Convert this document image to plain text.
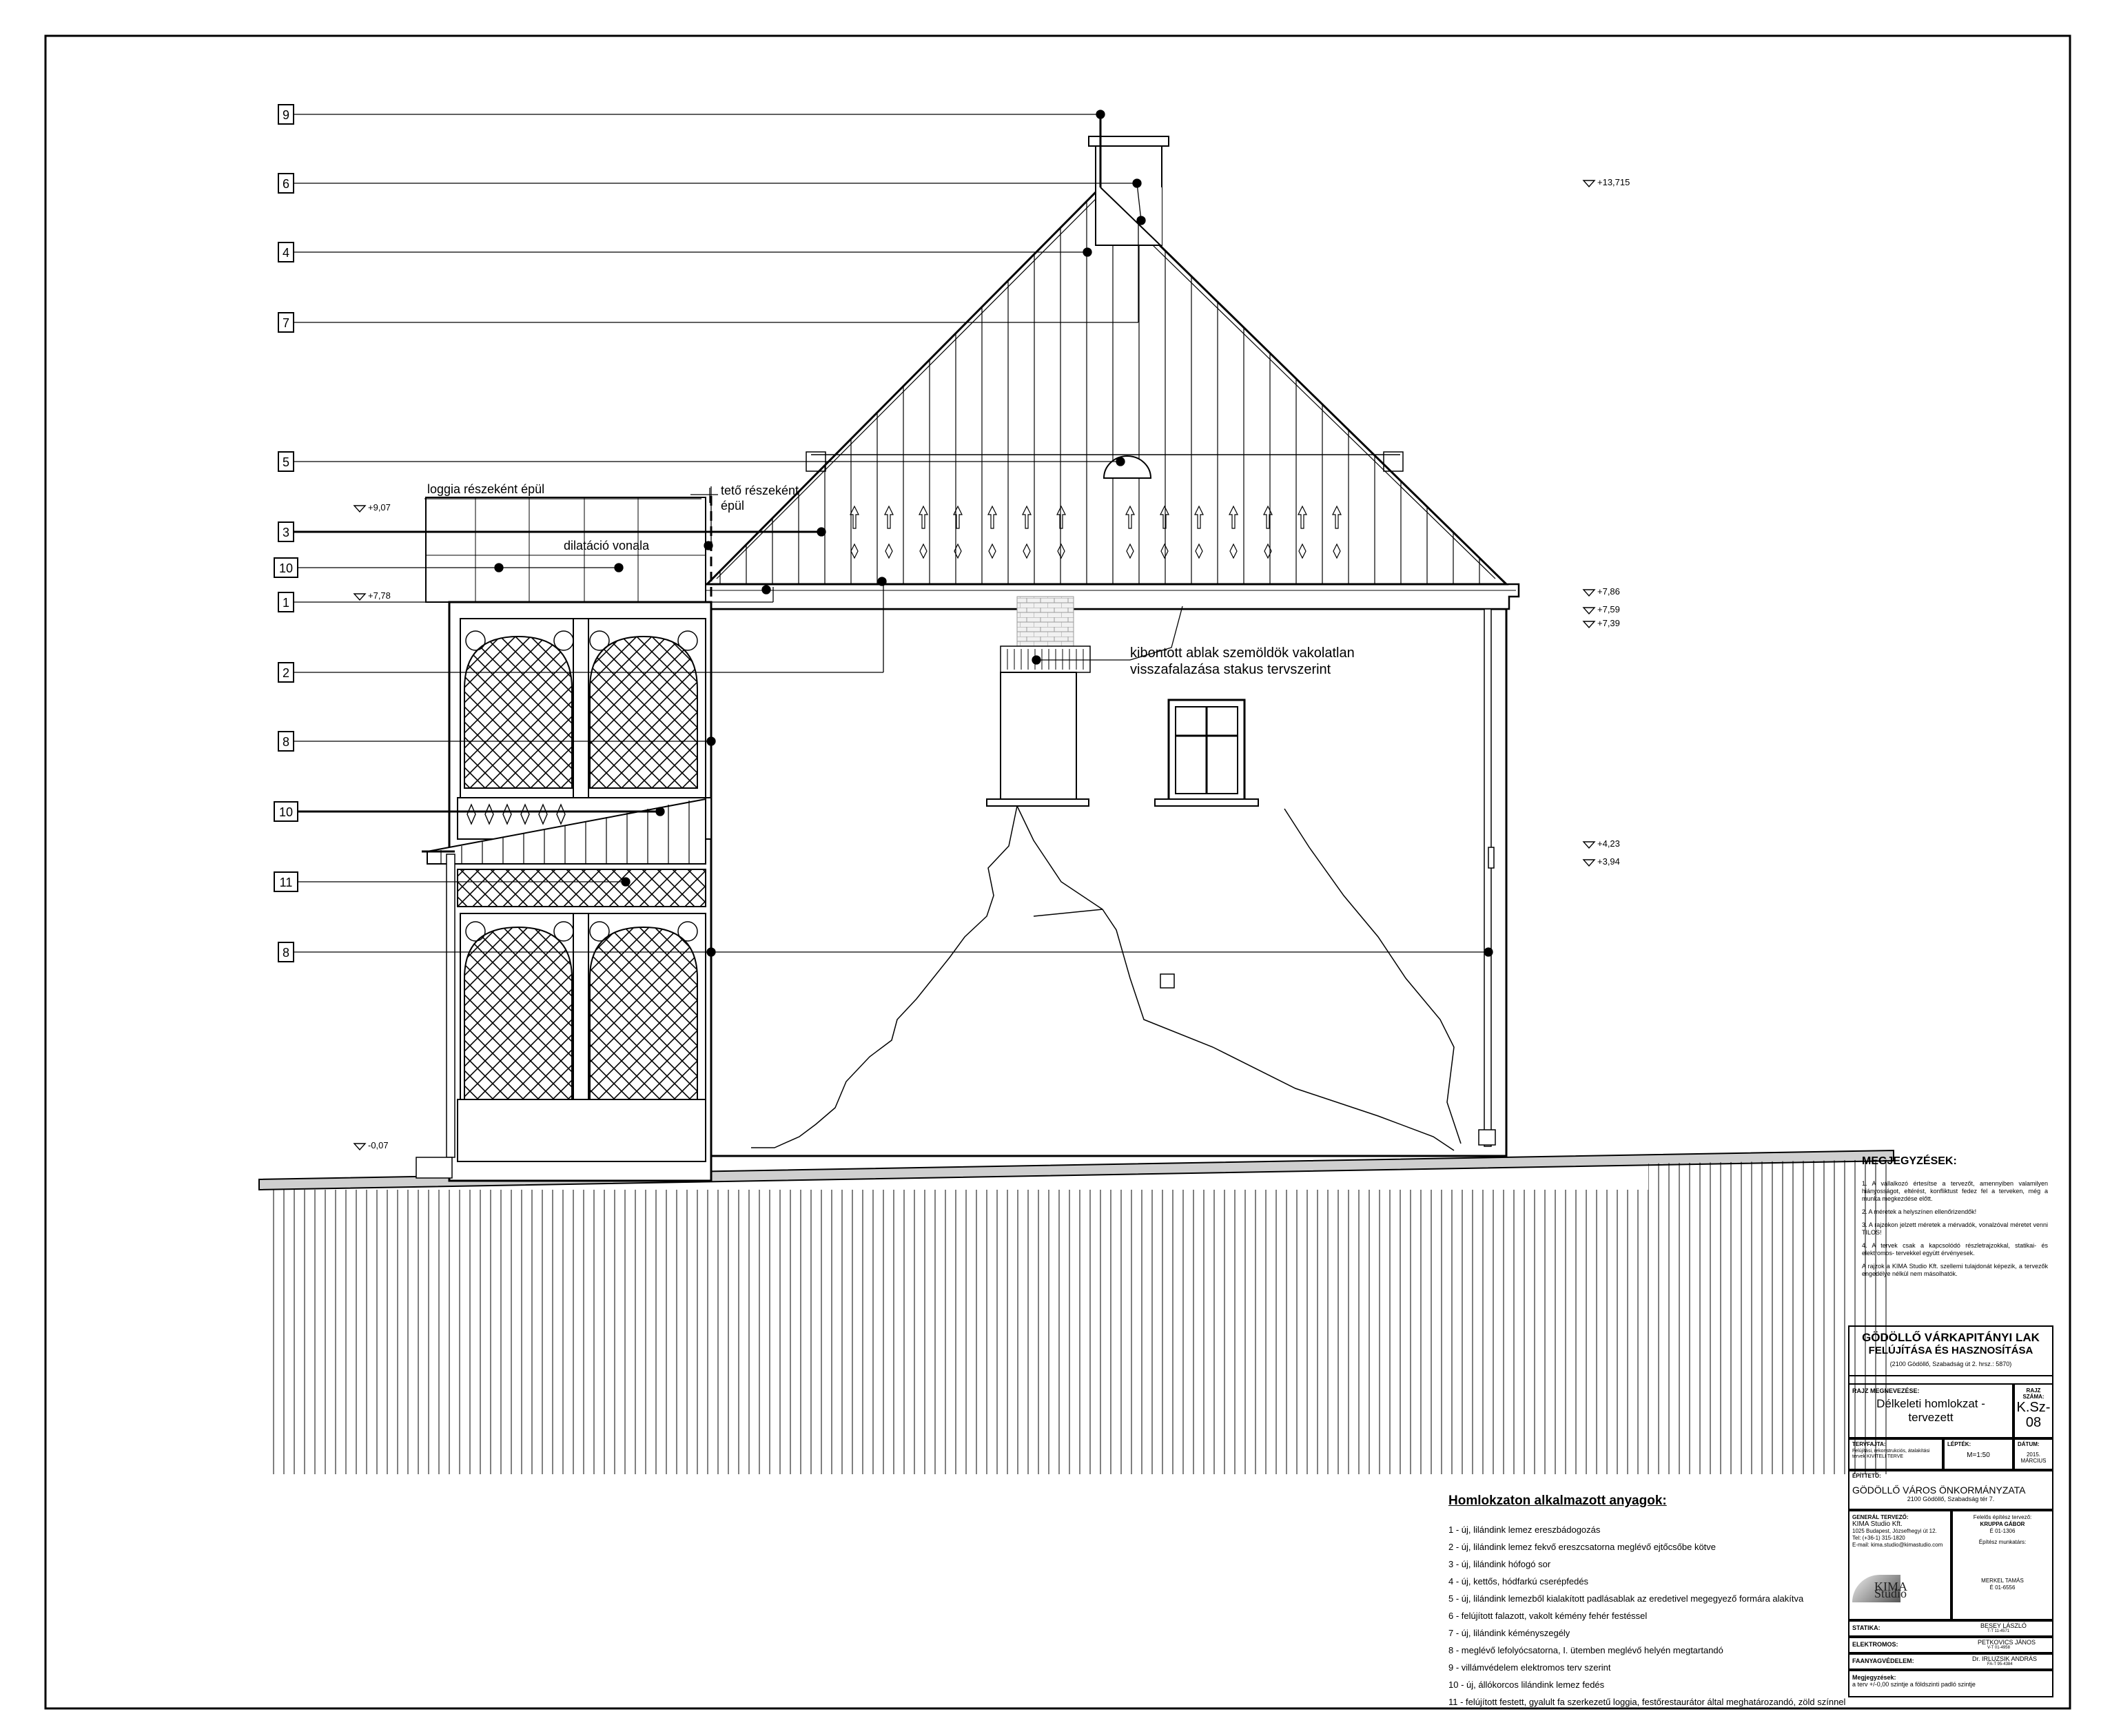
9
6
4
7
5
3
10
1
2
8
10
11
8
+9,07
+7,78
-0,07
+13,715
+7,86
+7,59
+7,39
+4,23
+3,94
loggia részeként épül	tető részeként
épül
dilatáció vonala
kibontott ablak szemöldök vakolatlan
visszafalazása stakus tervszerint
MEGJEGYZÉSEK:

1. A vállalkozó értesítse a tervezőt, amennyiben valamilyen hiányosságot, eltérést, konfliktust fedez fel a terveken, még a munka megkezdése előtt.

2. A méretek a helyszínen ellenőrizendők!

3. A rajzokon jelzett méretek a mérvadók, vonalzóval méretet venni TILOS!

4. A tervek csak a kapcsolódó részletrajzokkal, statikai- és elektromos- tervekkel együtt érvényesek.

A rajzok a KIMA Studio Kft. szellemi tulajdonát képezik, a tervezők engedélye nélkül nem másolhatók.

GÖDÖLLŐ VÁRKAPITÁNYI LAK
FELÚJÍTÁSA ÉS HASZNOSÍTÁSA
(2100 Gödöllő, Szabadság út 2. hrsz.: 5870)
RAJZ MEGNEVEZÉSE:
Délkeleti homlokzat - tervezett
RAJZ SZÁMA:
K.Sz-08
TERVFAJTA:
Felújítási, rekonstrukciós, átalakítási tervek KIVITELI TERVE
LÉPTÉK:
M=1:50
DÁTUM:
2015. MÁRCIUS
ÉPÍTTETŐ:
GÖDÖLLŐ VÁROS ÖNKORMÁNYZATA
2100 Gödöllő, Szabadság tér 7.
GENERÁL TERVEZŐ:
KIMA Studio Kft.
1025 Budapest, Józsefhegyi út 12.
Tel: (+36-1) 315-1820
E-mail: kima.studio@kimastudio.com
KIMA Studio
Felelős építész tervező:
KRUPPA GÁBOR
É 01-1306
Építész munkatárs:
MERKEL TAMÁS
É 01-6556
STATIKA:	BESEY LÁSZLÓ
T-T 11-4571
ELEKTROMOS:	PETKOVICS JÁNOS
V-T 01-4958
FAANYAGVÉDELEM:	Dr. IRLUZSIK ANDRÁS
FA-T 95-4384
Megjegyzések:
a terv +/-0,00 szintje a földszinti padló szintje
Homlokzaton alkalmazott anyagok:
1 - új, lilándink lemez ereszbádogozás
2 - új, lilándink lemez fekvő ereszcsatorna meglévő ejtőcsőbe kötve
3 - új, lilándink hófogó sor
4 - új, kettős, hódfarkú cserépfedés
5 - új, lilándink lemezből kialakított padlásablak az eredetivel megegyező formára alakítva
6 - felújított falazott, vakolt kémény fehér festéssel
7 - új, lilándink kéményszegély
8 - meglévő lefolyócsatorna, I. ütemben meglévő helyén megtartandó
9 - villámvédelem elektromos terv szerint
10 - új, állókorcos lilándink lemez fedés
11 - felújított festett, gyalult fa szerkezetű loggia, festőrestaurátor által meghatározandó, zöld színnel
